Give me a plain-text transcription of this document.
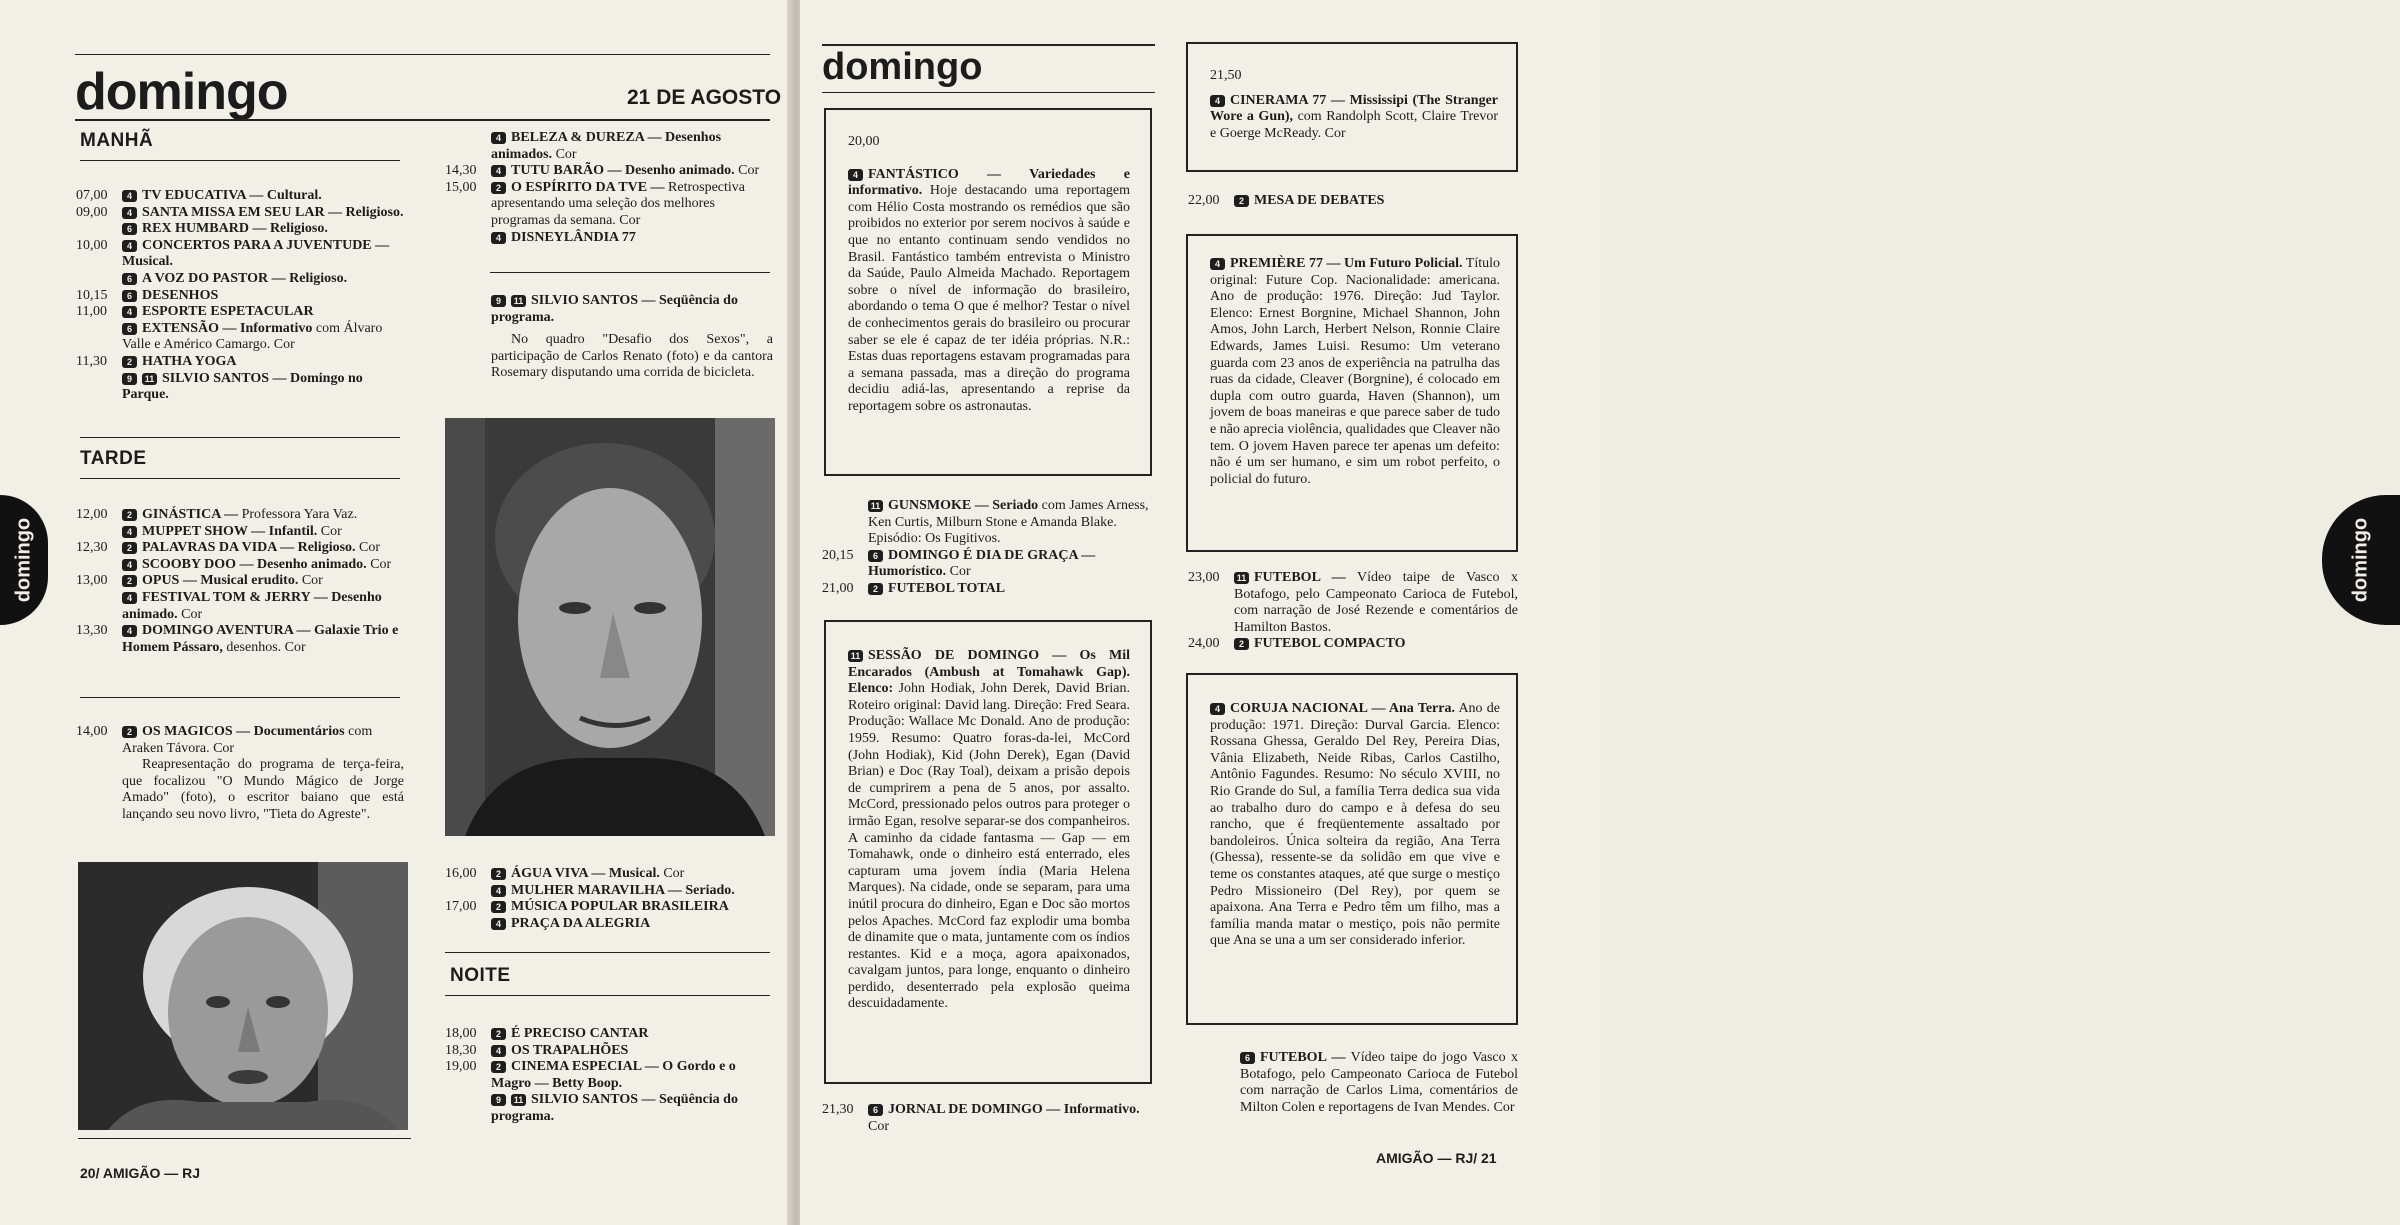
domingo	21 DE AGOSTO
MANHÃ
07,00	4 TV EDUCATIVA — Cultural.
09,00	4 SANTA MISSA EM SEU LAR — Religioso.
6 REX HUMBARD — Religioso.
10,00	4 CONCERTOS PARA A JUVENTUDE — Musical.
6 A VOZ DO PASTOR — Religioso.
10,15	6 DESENHOS
11,00	4 ESPORTE ESPETACULAR
6 EXTENSÃO — Informativo com Álvaro Valle e Américo Camargo. Cor
11,30	2 HATHA YOGA
9 11 SILVIO SANTOS — Domingo no Parque.
TARDE
12,00	2 GINÁSTICA — Professora Yara Vaz.
4 MUPPET SHOW — Infantil. Cor
12,30	2 PALAVRAS DA VIDA — Religioso. Cor
4 SCOOBY DOO — Desenho animado. Cor
13,00	2 OPUS — Musical erudito. Cor
4 FESTIVAL TOM & JERRY — Desenho animado. Cor
13,30	4 DOMINGO AVENTURA — Galaxie Trio e Homem Pássaro, desenhos. Cor
14,00	2 OS MAGICOS — Documentários com Araken Távora. Cor
Reapresentação do programa de terça-feira, que focalizou "O Mundo Mágico de Jorge Amado" (foto), o escritor baiano que está lançando seu novo livro, "Tieta do Agreste".
4 BELEZA & DUREZA — Desenhos animados. Cor
14,30	4 TUTU BARÃO — Desenho animado. Cor
15,00	2 O ESPÍRITO DA TVE — Retrospectiva apresentando uma seleção dos melhores programas da semana. Cor
4 DISNEYLÂNDIA 77
9 11 SILVIO SANTOS — Seqüência do programa.
No quadro "Desafio dos Sexos", a participação de Carlos Renato (foto) e da cantora Rosemary disputando uma corrida de bicicleta.
16,00	2 ÁGUA VIVA — Musical. Cor
4 MULHER MARAVILHA — Seriado.
17,00	2 MÚSICA POPULAR BRASILEIRA
4 PRAÇA DA ALEGRIA
NOITE
18,00	2 É PRECISO CANTAR
18,30	4 OS TRAPALHÕES
19,00	2 CINEMA ESPECIAL — O Gordo e o Magro — Betty Boop.
9 11 SILVIO SANTOS — Seqüência do programa.
20/ AMIGÃO — RJ
domingo
domingo
20,00
4 FANTÁSTICO — Variedades e informativo. Hoje destacando uma reportagem com Hélio Costa mostrando os remédios que são proibidos no exterior por serem nocivos à saúde e que no entanto continuam sendo vendidos no Brasil. Fantástico também entrevista o Ministro da Saúde, Paulo Almeida Machado. Reportagem sobre o nível de informação do brasileiro, abordando o tema O que é melhor? Testar o nível de conhecimentos gerais do brasileiro ou procurar saber se ele é capaz de ter idéia próprias. N.R.: Estas duas reportagens estavam programadas para a semana passada, mas a direção do programa decidiu adiá-las, apresentando a reprise da reportagem sobre os astronautas.
11 GUNSMOKE — Seriado com James Arness, Ken Curtis, Milburn Stone e Amanda Blake. Episódio: Os Fugitivos.
20,15	6 DOMINGO É DIA DE GRAÇA — Humorístico. Cor
21,00	2 FUTEBOL TOTAL
11 SESSÃO DE DOMINGO — Os Mil Encarados (Ambush at Tomahawk Gap). Elenco: John Hodiak, John Derek, David Brian. Roteiro original: David lang. Direção: Fred Seara. Produção: Wallace Mc Donald. Ano de produção: 1959. Resumo: Quatro foras-da-lei, McCord (John Hodiak), Kid (John Derek), Egan (David Brian) e Doc (Ray Toal), deixam a prisão depois de cumprirem a pena de 5 anos, por assalto. McCord, pressionado pelos outros para proteger o irmão Egan, resolve separar-se dos companheiros. A caminho da cidade fantasma — Gap — em Tomahawk, onde o dinheiro está enterrado, eles capturam uma jovem índia (Maria Helena Marques). Na cidade, onde se separam, para uma inútil procura do dinheiro, Egan e Doc são mortos pelos Apaches. McCord faz explodir uma bomba de dinamite que o mata, juntamente com os índios restantes. Kid e a moça, agora apaixonados, cavalgam juntos, para longe, enquanto o dinheiro perdido, desenterrado pela explosão queima descuidadamente.
21,30	6 JORNAL DE DOMINGO — Informativo. Cor
21,50
4 CINERAMA 77 — Mississipi (The Stranger Wore a Gun), com Randolph Scott, Claire Trevor e Goerge McReady. Cor
22,00	2 MESA DE DEBATES
4 PREMIÈRE 77 — Um Futuro Policial. Título original: Future Cop. Nacionalidade: americana. Ano de produção: 1976. Direção: Jud Taylor. Elenco: Ernest Borgnine, Michael Shannon, John Amos, John Larch, Herbert Nelson, Ronnie Claire Edwards, James Luisi. Resumo: Um veterano guarda com 23 anos de experiência na patrulha das ruas da cidade, Cleaver (Borgnine), é colocado em dupla com outro guarda, Haven (Shannon), um jovem de boas maneiras e que parece saber de tudo e não aprecia violência, qualidades que Cleaver não tem. O jovem Haven parece ter apenas um defeito: não é um ser humano, e sim um robot perfeito, o policial do futuro.
23,00	11 FUTEBOL — Vídeo taipe de Vasco x Botafogo, pelo Campeonato Carioca de Futebol, com narração de José Rezende e comentários de Hamilton Bastos.
24,00	2 FUTEBOL COMPACTO
4 CORUJA NACIONAL — Ana Terra. Ano de produção: 1971. Direção: Durval Garcia. Elenco: Rossana Ghessa, Geraldo Del Rey, Pereira Dias, Vânia Elizabeth, Neide Ribas, Carlos Castilho, Antônio Fagundes. Resumo: No século XVIII, no Rio Grande do Sul, a família Terra dedica sua vida ao trabalho duro do campo e à defesa do seu rancho, que é freqüentemente assaltado por bandoleiros. Única solteira da região, Ana Terra (Ghessa), ressente-se da solidão em que vive e teme os constantes ataques, até que surge o mestiço Pedro Missioneiro (Del Rey), por quem se apaixona. Ana Terra e Pedro têm um filho, mas a família manda matar o mestiço, pois não permite que Ana se una a um ser considerado inferior.
6 FUTEBOL — Vídeo taipe do jogo Vasco x Botafogo, pelo Campeonato Carioca de Futebol com narração de Carlos Lima, comentários de Milton Colen e reportagens de Ivan Mendes. Cor
AMIGÃO — RJ/ 21
domingo
